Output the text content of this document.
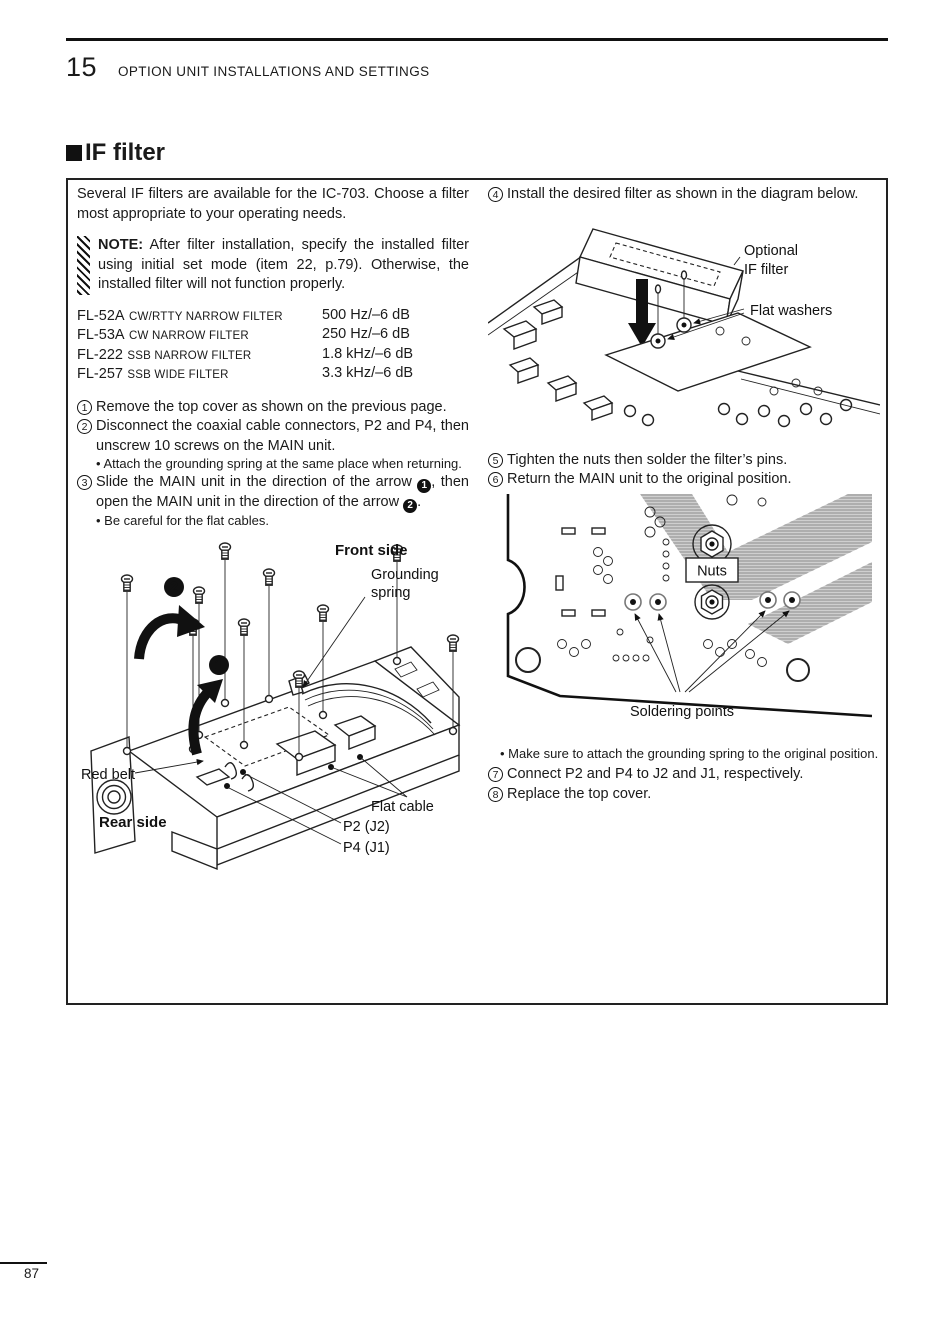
15 OPTION UNIT INSTALLATIONS AND SETTINGS
IF filter

Several IF filters are available for the IC-703. Choose a filter most appropriate to your operating needs.

NOTE: After filter installation, specify the installed filter using initial set mode (item 22, p.79). Otherwise, the installed filter will not function properly.
FL-52A CW/RTTY NARROW FILTER	500 Hz/–6 dB
FL-53A CW NARROW FILTER	250 Hz/–6 dB
FL-222 SSB NARROW FILTER	1.8 kHz/–6 dB
FL-257 SSB WIDE FILTER	3.3 kHz/–6 dB
1 Remove the top cover as shown on the previous page.
2 Disconnect the coaxial cable connectors, P2 and P4, then unscrew 10 screws on the MAIN unit.
• Attach the grounding spring at the same place when returning.
3 Slide the MAIN unit in the direction of the arrow 1 , then open the MAIN unit in the direction of the arrow 2 .
• Be careful for the flat cables.
2
1
Front side
Grounding
spring
Red belt
Rear side
Flat cable
P2 (J2)
P4 (J1)
4 Install the desired filter as shown in the diagram below.
Optional
IF filter
Flat washers
5 Tighten the nuts then solder the filter’s pins.
6 Return the MAIN unit to the original position.
Nuts
Soldering points
• Make sure to attach the grounding spring to the original position.
7 Connect P2 and P4 to J2 and J1, respectively.
8 Replace the top cover.
87
